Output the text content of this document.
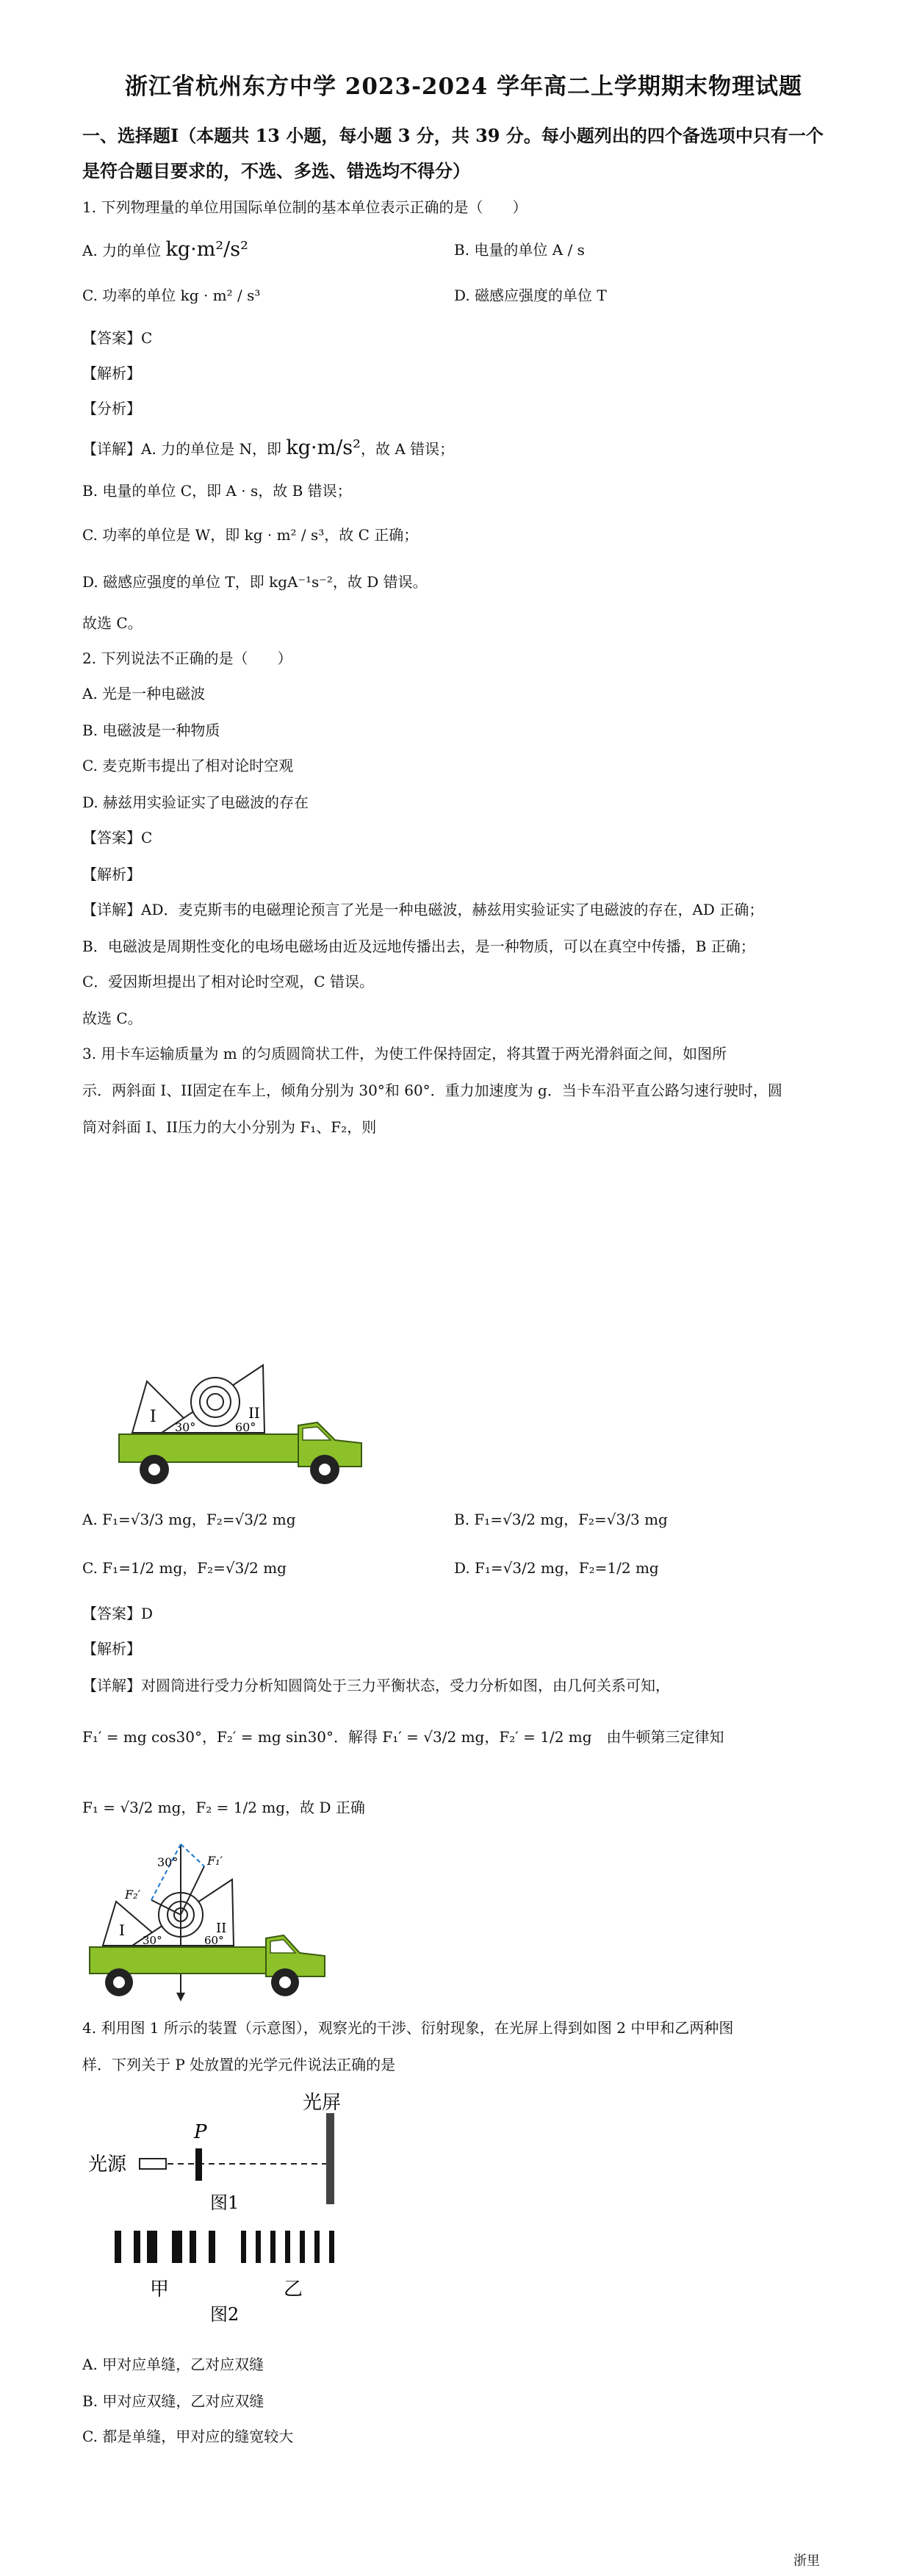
浙江省杭州东方中学 2023-2024 学年高二上学期期末物理试题
一、选择题Ⅰ（本题共 13 小题，每小题 3 分，共 39 分。每小题列出的四个备选项中只有一个
是符合题目要求的，不选、多选、错选均不得分）
1. 下列物理量的单位用国际单位制的基本单位表示正确的是（　　）
A. 力的单位 kg·m²/s²	B. 电量的单位 A / s
C. 功率的单位 kg · m² / s³	D. 磁感应强度的单位 T
【答案】C
【解析】
【分析】
【详解】A. 力的单位是 N，即 kg·m/s²，故 A 错误；
B. 电量的单位 C，即 A · s，故 B 错误；
C. 功率的单位是 W，即 kg · m² / s³，故 C 正确；
D. 磁感应强度的单位 T，即 kgA⁻¹s⁻²，故 D 错误。
故选 C。
2. 下列说法不正确的是（　　）
A. 光是一种电磁波
B. 电磁波是一种物质
C. 麦克斯韦提出了相对论时空观
D. 赫兹用实验证实了电磁波的存在
【答案】C
【解析】
【详解】AD．麦克斯韦的电磁理论预言了光是一种电磁波，赫兹用实验证实了电磁波的存在，AD 正确；
B．电磁波是周期性变化的电场电磁场由近及远地传播出去，是一种物质，可以在真空中传播，B 正确；
C．爱因斯坦提出了相对论时空观，C 错误。
故选 C。
3. 用卡车运输质量为 m 的匀质圆筒状工件，为使工件保持固定，将其置于两光滑斜面之间，如图所
示．两斜面 I、II固定在车上，倾角分别为 30°和 60°．重力加速度为 g．当卡车沿平直公路匀速行驶时，圆
筒对斜面 I、II压力的大小分别为 F₁、F₂，则
I	II
30°	60°
A. F₁=√3/3 mg，F₂=√3/2 mg	B. F₁=√3/2 mg，F₂=√3/3 mg
C. F₁=1/2 mg，F₂=√3/2 mg	D. F₁=√3/2 mg，F₂=1/2 mg
【答案】D
【解析】
【详解】对圆筒进行受力分析知圆筒处于三力平衡状态，受力分析如图，由几何关系可知，
F₁′ = mg cos30°，F₂′ = mg sin30°．解得 F₁′ = √3/2 mg，F₂′ = 1/2 mg　由牛顿第三定律知
F₁ = √3/2 mg，F₂ = 1/2 mg，故 D 正确
F₁′
F₂′
30°
I	II
30°	60°
4. 利用图 1 所示的装置（示意图），观察光的干涉、衍射现象，在光屏上得到如图 2 中甲和乙两种图
样．下列关于 P 处放置的光学元件说法正确的是
光源
P
光屏
图1
甲	乙
图2
A. 甲对应单缝，乙对应双缝
B. 甲对应双缝，乙对应双缝
C. 都是单缝，甲对应的缝宽较大
浙里
